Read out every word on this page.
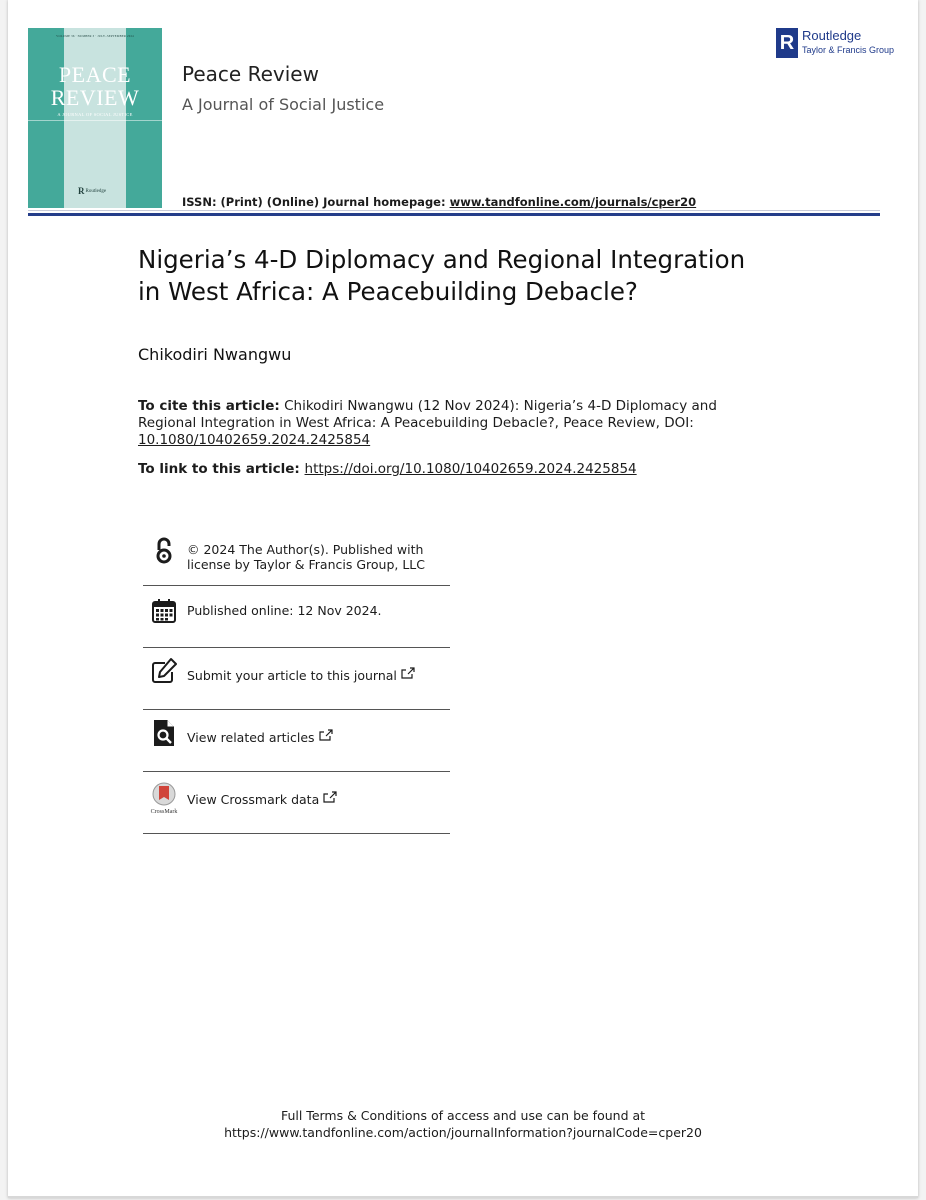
VOLUME 36 · NUMBER 3 · JULY–SEPTEMBER 2024
PEACE
REVIEW
A JOURNAL OF SOCIAL JUSTICE
RRoutledge
Peace Review
A Journal of Social Justice
ISSN: (Print) (Online) Journal homepage: www.tandfonline.com/journals/cper20
R Routledge
Taylor & Francis Group
Nigeria’s 4-D Diplomacy and Regional Integration
in West Africa: A Peacebuilding Debacle?
Chikodiri Nwangwu
To cite this article: Chikodiri Nwangwu (12 Nov 2024): Nigeria’s 4-D Diplomacy and Regional Integration in West Africa: A Peacebuilding Debacle?, Peace Review, DOI: 10.1080/10402659.2024.2425854
To link to this article: https://doi.org/10.1080/10402659.2024.2425854
© 2024 The Author(s). Published with license by Taylor & Francis Group, LLC
Published online: 12 Nov 2024.
Submit your article to this journal
View related articles
CrossMark
View Crossmark data
Full Terms & Conditions of access and use can be found at
https://www.tandfonline.com/action/journalInformation?journalCode=cper20
